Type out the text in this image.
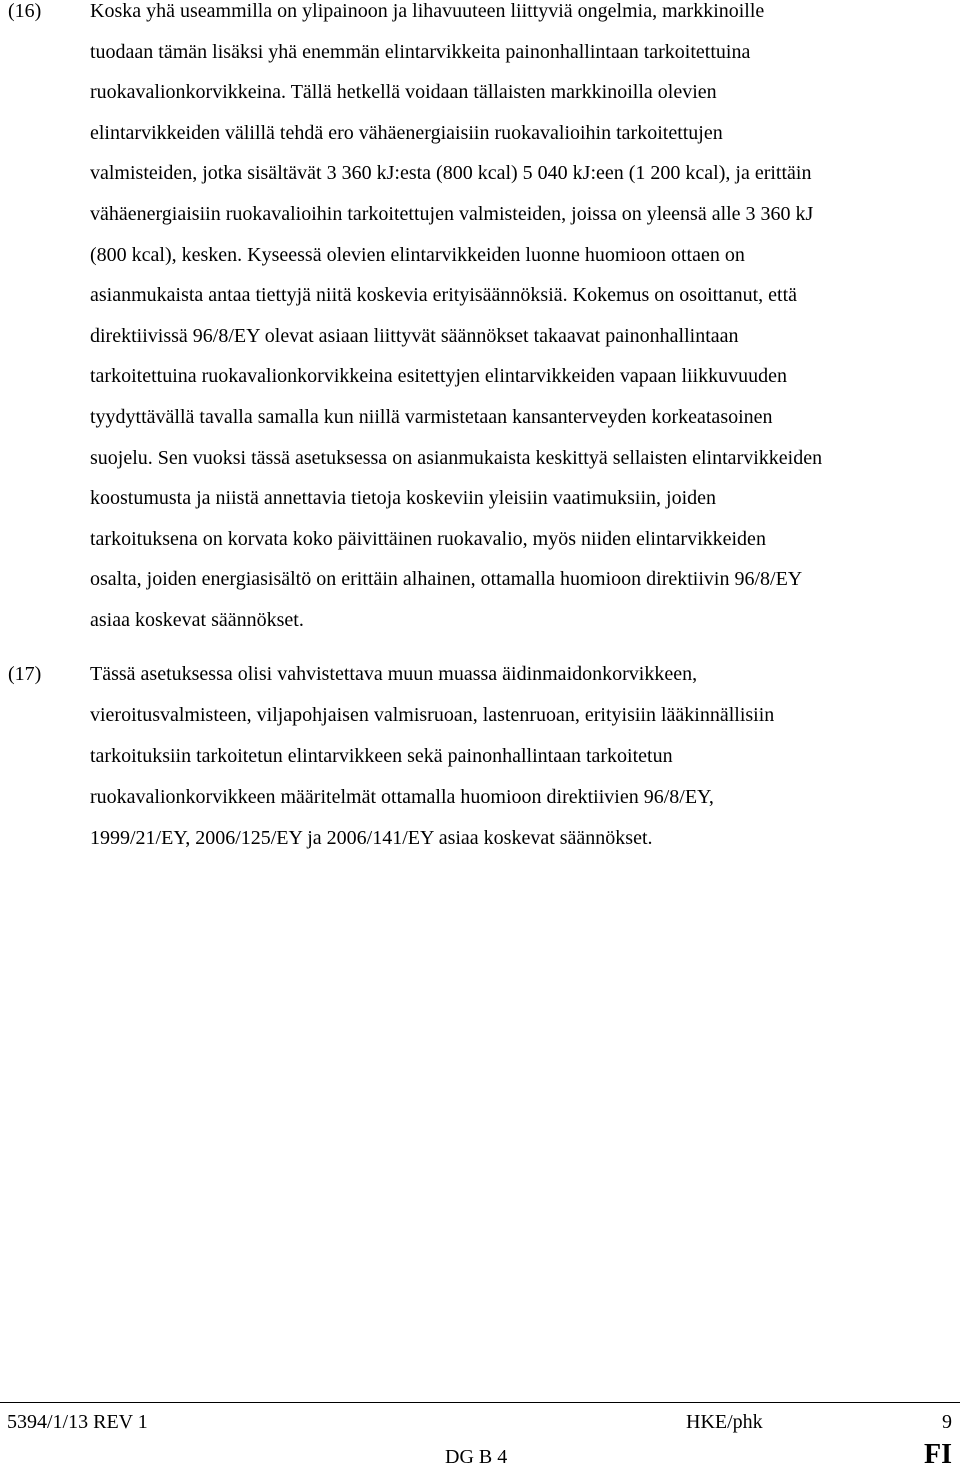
(16) Koska yhä useammilla on ylipainoon ja lihavuuteen liittyviä ongelmia, markkinoille
tuodaan tämän lisäksi yhä enemmän elintarvikkeita painonhallintaan tarkoitettuina
ruokavalionkorvikkeina. Tällä hetkellä voidaan tällaisten markkinoilla olevien
elintarvikkeiden välillä tehdä ero vähäenergiaisiin ruokavalioihin tarkoitettujen
valmisteiden, jotka sisältävät 3 360 kJ:esta (800 kcal) 5 040 kJ:een (1 200 kcal), ja erittäin
vähäenergiaisiin ruokavalioihin tarkoitettujen valmisteiden, joissa on yleensä alle 3 360 kJ
(800 kcal), kesken. Kyseessä olevien elintarvikkeiden luonne huomioon ottaen on
asianmukaista antaa tiettyjä niitä koskevia erityisäännöksiä. Kokemus on osoittanut, että
direktiivissä 96/8/EY olevat asiaan liittyvät säännökset takaavat painonhallintaan
tarkoitettuina ruokavalionkorvikkeina esitettyjen elintarvikkeiden vapaan liikkuvuuden
tyydyttävällä tavalla samalla kun niillä varmistetaan kansanterveyden korkeatasoinen
suojelu. Sen vuoksi tässä asetuksessa on asianmukaista keskittyä sellaisten elintarvikkeiden
koostumusta ja niistä annettavia tietoja koskeviin yleisiin vaatimuksiin, joiden
tarkoituksena on korvata koko päivittäinen ruokavalio, myös niiden elintarvikkeiden
osalta, joiden energiasisältö on erittäin alhainen, ottamalla huomioon direktiivin 96/8/EY
asiaa koskevat säännökset.
(17) Tässä asetuksessa olisi vahvistettava muun muassa äidinmaidonkorvikkeen,
vieroitusvalmisteen, viljapohjaisen valmisruoan, lastenruoan, erityisiin lääkinnällisiin
tarkoituksiin tarkoitetun elintarvikkeen sekä painonhallintaan tarkoitetun
ruokavalionkorvikkeen määritelmät ottamalla huomioon direktiivien 96/8/EY,
1999/21/EY, 2006/125/EY ja 2006/141/EY asiaa koskevat säännökset.
5394/1/13 REV 1	HKE/phk	9
DG B 4	FI
